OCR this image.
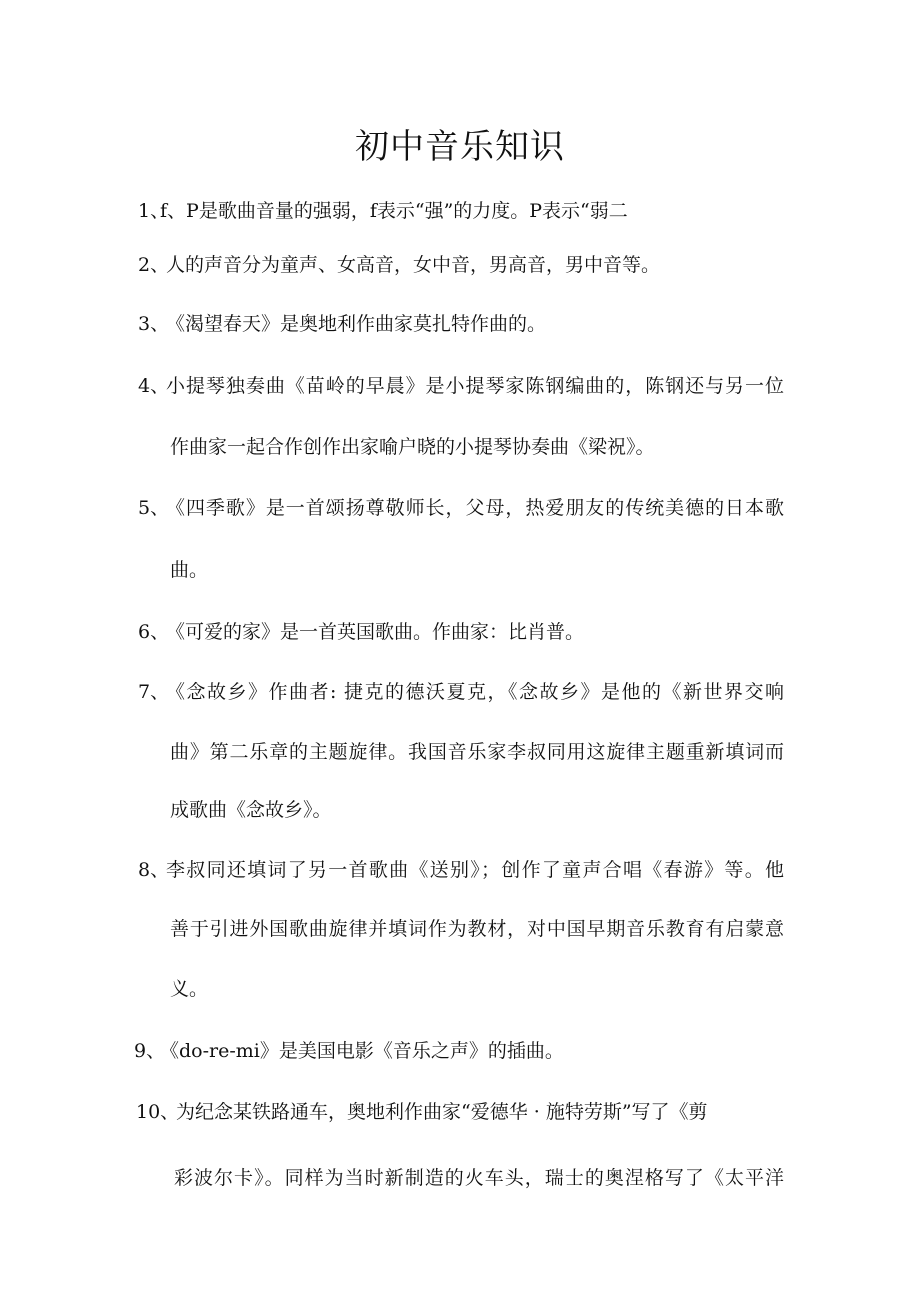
初中音乐知识
1、
f、P是歌曲音量的强弱，f表示“强”的力度。P表示“弱二
2、
人的声音分为童声、女高音，女中音，男高音，男中音等。
3、
《渴望春天》是奥地利作曲家莫扎特作曲的。
4、
小提琴独奏曲《苗岭的早晨》是小提琴家陈钢编曲的，陈钢还与另一位
作曲家一起合作创作出家喻户晓的小提琴协奏曲《梁祝》。
5、
《四季歌》是一首颂扬尊敬师长，父母，热爱朋友的传统美德的日本歌
曲。
6、
《可爱的家》是一首英国歌曲。作曲家：比肖普。
7、
《念故乡》作曲者: 捷克的德沃夏克，《念故乡》是他的《新世界交响
曲》第二乐章的主题旋律。我国音乐家李叔同用这旋律主题重新填词而
成歌曲《念故乡》。
8、
李叔同还填词了另一首歌曲《送别》；创作了童声合唱《春游》等。他
善于引进外国歌曲旋律并填词作为教材，对中国早期音乐教育有启蒙意
义。
9、
《do-re-mi》是美国电影《音乐之声》的插曲。
10、
为纪念某铁路通车，奥地利作曲家“爱德华 · 施特劳斯”写了《剪
彩波尔卡》。同样为当时新制造的火车头，瑞士的奥涅格写了《太平洋
